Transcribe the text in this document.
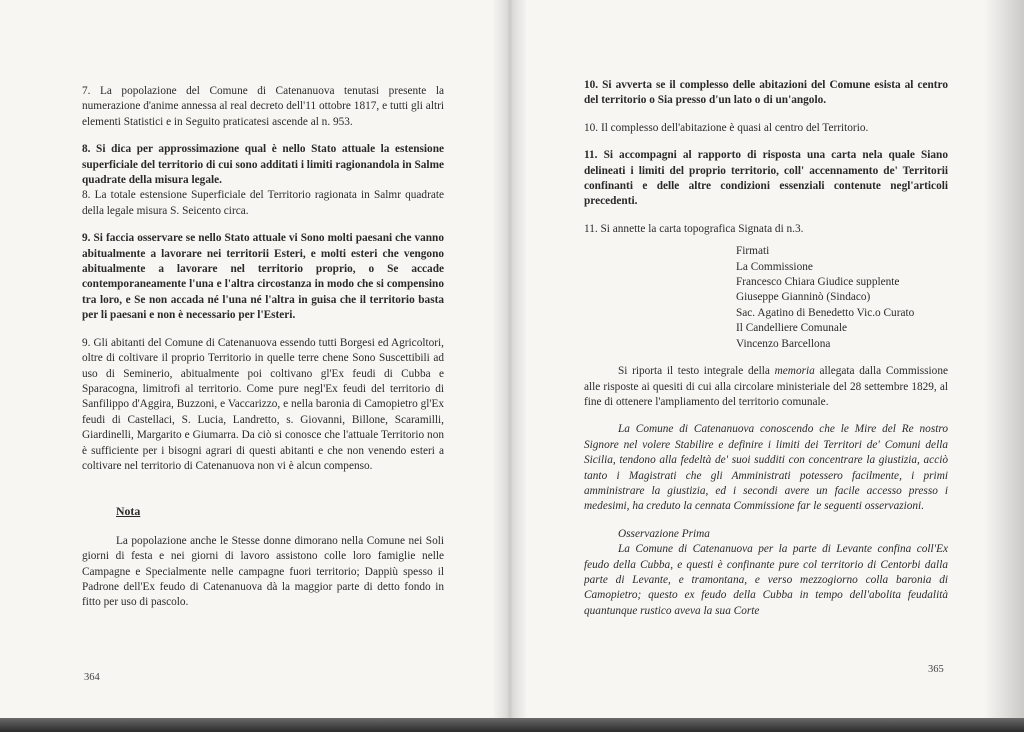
7. La popolazione del Comune di Catenanuova tenutasi presente la numerazione d'anime annessa al real decreto dell'11 ottobre 1817, e tutti gli altri elementi Statistici e in Seguito praticatesi ascende al n. 953.

8. Si dica per approssimazione qual è nello Stato attuale la estensione superficiale del territorio di cui sono additati i limiti ragionandola in Salme quadrate della misura legale.

8. La totale estensione Superficiale del Territorio ragionata in Salmr quadrate della legale misura S. Seicento circa.

9. Si faccia osservare se nello Stato attuale vi Sono molti paesani che vanno abitualmente a lavorare nei territorii Esteri, e molti esteri che vengono abitualmente a lavorare nel territorio proprio, o Se accade contemporaneamente l'una e l'altra circostanza in modo che si compensino tra loro, e Se non accada né l'una né l'altra in guisa che il territorio basta per li paesani e non è necessario per l'Esteri.

9. Gli abitanti del Comune di Catenanuova essendo tutti Borgesi ed Agricoltori, oltre di coltivare il proprio Territorio in quelle terre chene Sono Suscettibili ad uso di Seminerio, abitualmente poi coltivano gl'Ex feudi di Cubba e Sparacogna, limitrofi al territorio. Come pure negl'Ex feudi del territorio di Sanfilippo d'Aggira, Buzzoni, e Vaccarizzo, e nella baronia di Camopietro gl'Ex feudi di Castellaci, S. Lucia, Landretto, s. Giovanni, Billone, Scaramilli, Giardinelli, Margarito e Giumarra. Da ciò si conosce che l'attuale Territorio non è sufficiente per i bisogni agrari di questi abitanti e che non venendo esteri a coltivare nel territorio di Catenanuova non vi è alcun compenso.

Nota

La popolazione anche le Stesse donne dimorano nella Comune nei Soli giorni di festa e nei giorni di lavoro assistono colle loro famiglie nelle Campagne e Specialmente nelle campagne fuori territorio; Dappiù spesso il Padrone dell'Ex feudo di Catenanuova dà la maggior parte di detto fondo in fitto per uso di pascolo.

364

10. Si avverta se il complesso delle abitazioni del Comune esista al centro del territorio o Sia presso d'un lato o di un'angolo.

10. Il complesso dell'abitazione è quasi al centro del Territorio.

11. Si accompagni al rapporto di risposta una carta nela quale Siano delineati i limiti del proprio territorio, coll' accennamento de' Territorii confinanti e delle altre condizioni essenziali contenute negl'articoli precedenti.

11. Si annette la carta topografica Signata di n.3.

Firmati
La Commissione
Francesco Chiara Giudice supplente
Giuseppe Gianninò (Sindaco)
Sac. Agatino di Benedetto Vic.o Curato
Il Candelliere Comunale
Vincenzo Barcellona

Si riporta il testo integrale della memoria allegata dalla Commissione alle risposte ai quesiti di cui alla circolare ministeriale del 28 settembre 1829, al fine di ottenere l'ampliamento del territorio comunale.

La Comune di Catenanuova conoscendo che le Mire del Re nostro Signore nel volere Stabilire e definire i limiti dei Territori de' Comuni della Sicilia, tendono alla fedeltà de' suoi sudditi con concentrare la giustizia, acciò tanto i Magistrati che gli Amministrati potessero facilmente, i primi amministrare la giustizia, ed i secondi avere un facile accesso presso i medesimi, ha creduto la cennata Commissione far le seguenti osservazioni.

Osservazione Prima

La Comune di Catenanuova per la parte di Levante confina coll'Ex feudo della Cubba, e questi è confinante pure col territorio di Centorbi dalla parte di Levante, e tramontana, e verso mezzogiorno colla baronia di Camopietro; questo ex feudo della Cubba in tempo dell'abolita feudalità quantunque rustico aveva la sua Corte

365
